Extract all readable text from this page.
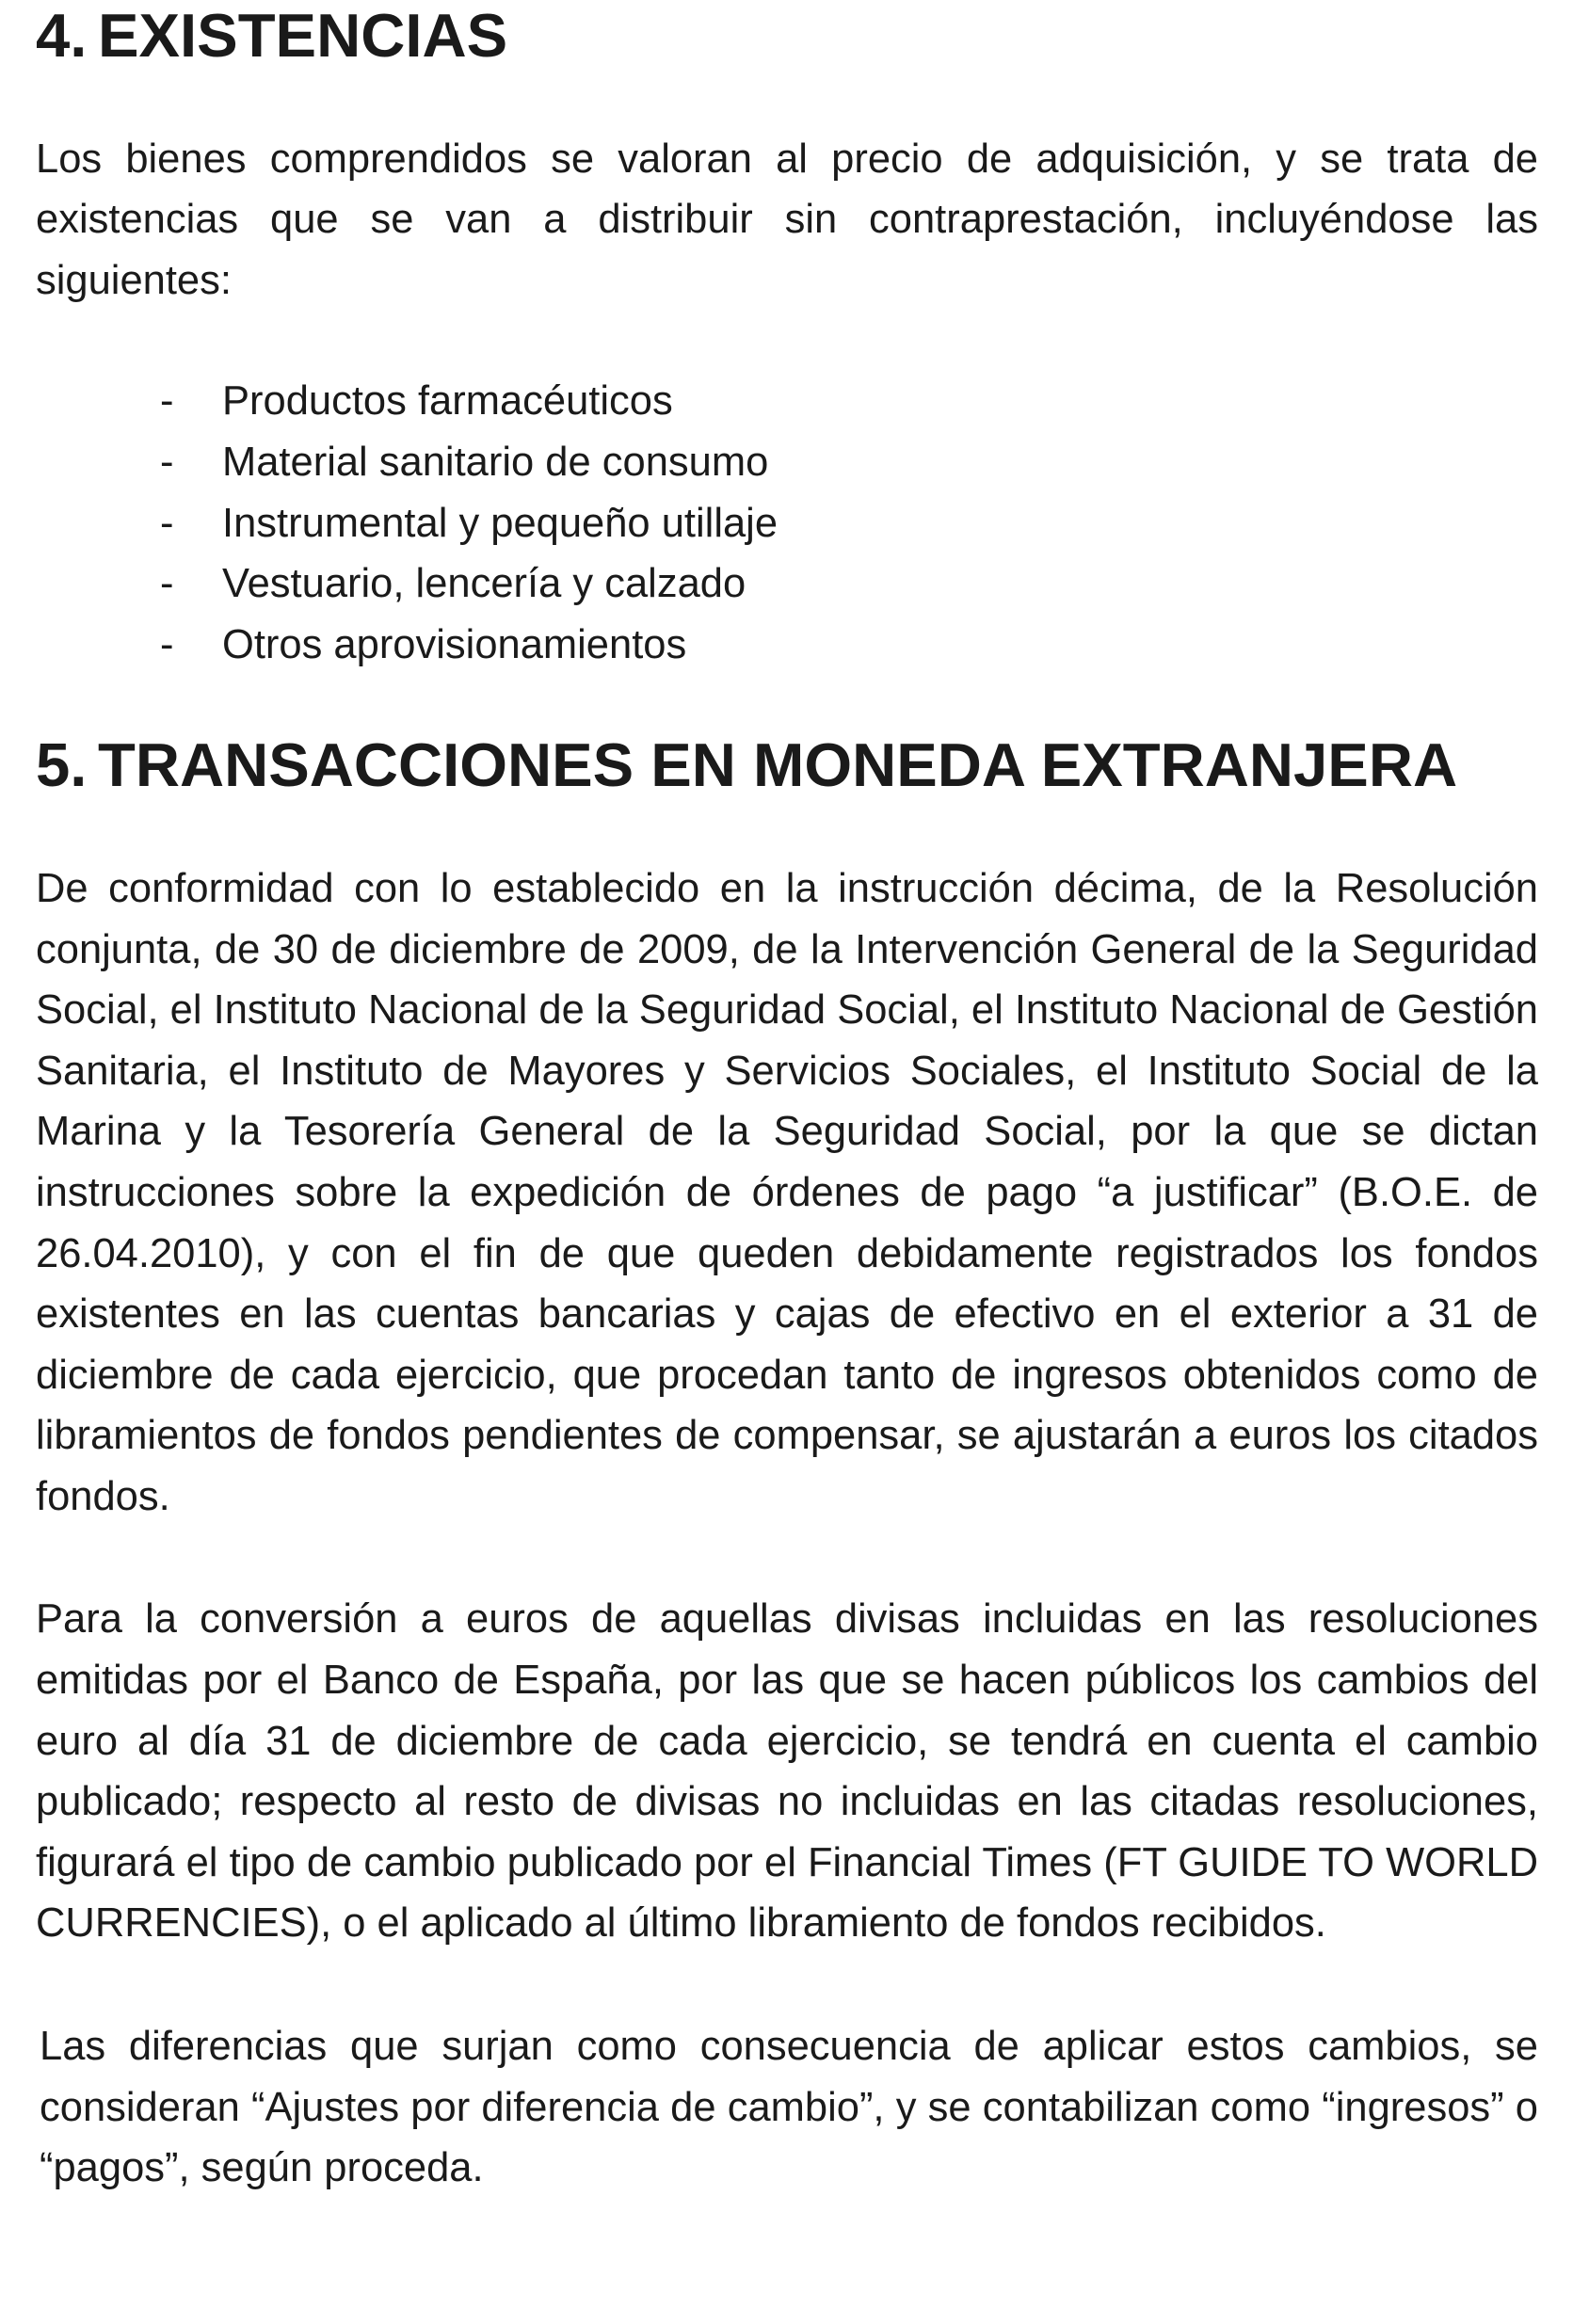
4. EXISTENCIAS

Los bienes comprendidos se valoran al precio de adquisición, y se trata de existencias que se van a distribuir sin contraprestación, incluyéndose las siguientes:

- Productos farmacéuticos
- Material sanitario de consumo
- Instrumental y pequeño utillaje
- Vestuario, lencería y calzado
- Otros aprovisionamientos
5. TRANSACCIONES EN MONEDA EXTRANJERA

De conformidad con lo establecido en la instrucción décima, de la Resolución conjunta, de 30 de diciembre de 2009, de la Intervención General de la Seguridad Social, el Instituto Nacional de la Seguridad Social, el Instituto Nacional de Gestión Sanitaria, el Instituto de Mayores y Servicios Sociales, el Instituto Social de la Marina y la Tesorería General de la Seguridad Social, por la que se dictan instrucciones sobre la expedición de órdenes de pago “a justificar” (B.O.E. de 26.04.2010), y con el fin de que queden debidamente registrados los fondos existentes en las cuentas bancarias y cajas de efectivo en el exterior a 31 de diciembre de cada ejercicio, que procedan tanto de ingresos obtenidos como de libramientos de fondos pendientes de compensar, se ajustarán a euros los citados fondos.

Para la conversión a euros de aquellas divisas incluidas en las resoluciones emitidas por el Banco de España, por las que se hacen públicos los cambios del euro al día 31 de diciembre de cada ejercicio, se tendrá en cuenta el cambio publicado; respecto al resto de divisas no incluidas en las citadas resoluciones, figurará el tipo de cambio publicado por el Financial Times (FT GUIDE TO WORLD CURRENCIES), o el aplicado al último libramiento de fondos recibidos.

Las diferencias que surjan como consecuencia de aplicar estos cambios, se consideran “Ajustes por diferencia de cambio”, y se contabilizan como “ingresos” o “pagos”, según proceda.
